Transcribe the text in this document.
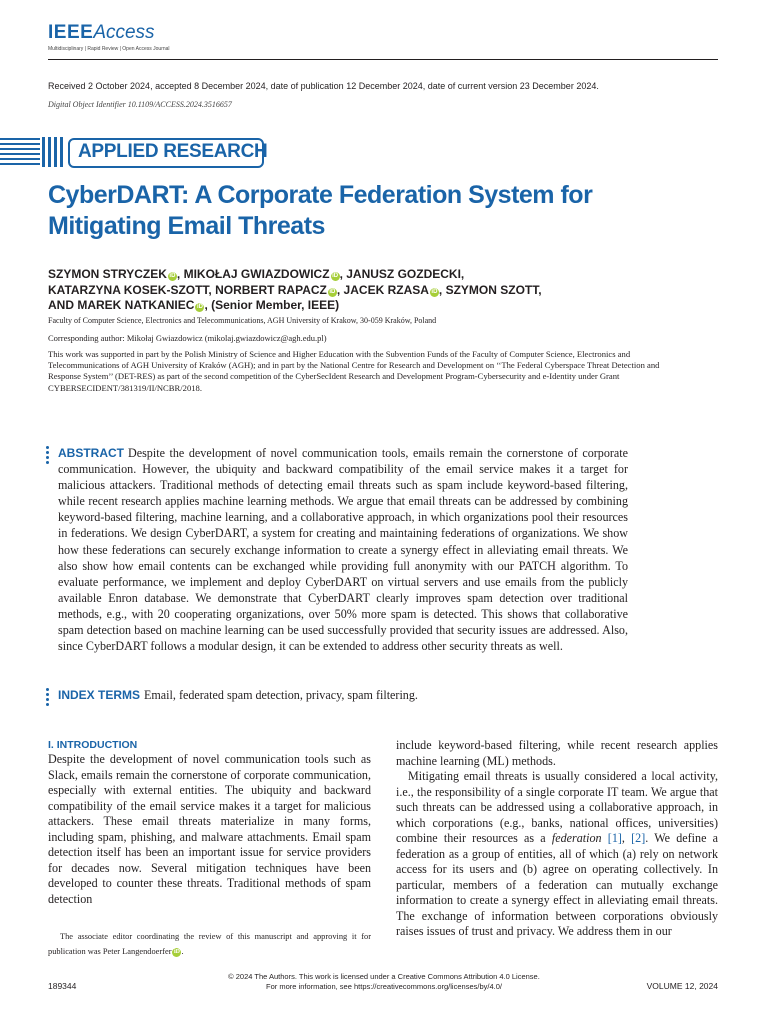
IEEEAccess
Multidisciplinary | Rapid Review | Open Access Journal
Received 2 October 2024, accepted 8 December 2024, date of publication 12 December 2024, date of current version 23 December 2024.
Digital Object Identifier 10.1109/ACCESS.2024.3516657
APPLIED RESEARCH
CyberDART: A Corporate Federation System for Mitigating Email Threats
SZYMON STRYCZEK iD , MIKOŁAJ GWIAZDOWICZ iD , JANUSZ GOZDECKI,
KATARZYNA KOSEK-SZOTT, NORBERT RAPACZ iD , JACEK RZASA iD , SZYMON SZOTT,
AND MAREK NATKANIEC iD , (Senior Member, IEEE)
Faculty of Computer Science, Electronics and Telecommunications, AGH University of Krakow, 30-059 Kraków, Poland
Corresponding author: Mikołaj Gwiazdowicz (mikolaj.gwiazdowicz@agh.edu.pl)
This work was supported in part by the Polish Ministry of Science and Higher Education with the Subvention Funds of the Faculty of Computer Science, Electronics and Telecommunications of AGH University of Kraków (AGH); and in part by the National Centre for Research and Development on ‘‘The Federal Cyberspace Threat Detection and Response System’’ (DET-RES) as part of the second competition of the CyberSecIdent Research and Development Program-Cybersecurity and e-Identity under Grant CYBERSECIDENT/381319/II/NCBR/2018.
ABSTRACT Despite the development of novel communication tools, emails remain the cornerstone of corporate communication. However, the ubiquity and backward compatibility of the email service makes it a target for malicious attackers. Traditional methods of detecting email threats such as spam include keyword-based filtering, while recent research applies machine learning methods. We argue that email threats can be addressed by combining keyword-based filtering, machine learning, and a collaborative approach, in which organizations pool their resources in federations. We design CyberDART, a system for creating and maintaining federations of organizations. We show how these federations can securely exchange information to create a synergy effect in alleviating email threats. We also show how email contents can be exchanged while providing full anonymity with our PATCH algorithm. To evaluate performance, we implement and deploy CyberDART on virtual servers and use emails from the publicly available Enron database. We demonstrate that CyberDART clearly improves spam detection over traditional methods, e.g., with 20 cooperating organizations, over 50% more spam is detected. This shows that collaborative spam detection based on machine learning can be used successfully provided that security issues are addressed. Also, since CyberDART follows a modular design, it can be extended to address other security threats as well.
INDEX TERMS Email, federated spam detection, privacy, spam filtering.
I. INTRODUCTION

Despite the development of novel communication tools such as Slack, emails remain the cornerstone of corporate communication, especially with external entities. The ubiquity and backward compatibility of the email service makes it a target for malicious attackers. These email threats materialize in many forms, including spam, phishing, and malware attachments. Email spam detection itself has been an important issue for service providers for decades now. Several mitigation techniques have been developed to counter these threats. Traditional methods of spam detection

include keyword-based filtering, while recent research applies machine learning (ML) methods.

Mitigating email threats is usually considered a local activity, i.e., the responsibility of a single corporate IT team. We argue that such threats can be addressed using a collaborative approach, in which corporations (e.g., banks, national offices, universities) combine their resources as a federation [1], [2]. We define a federation as a group of entities, all of which (a) rely on network access for its users and (b) agree on operating collectively. In particular, members of a federation can mutually exchange information to create a synergy effect in alleviating email threats. The exchange of information between corporations obviously raises issues of trust and privacy. We address them in our

The associate editor coordinating the review of this manuscript and approving it for publication was Peter Langendoerfer iD .
© 2024 The Authors. This work is licensed under a Creative Commons Attribution 4.0 License.
For more information, see https://creativecommons.org/licenses/by/4.0/
189344	VOLUME 12, 2024
